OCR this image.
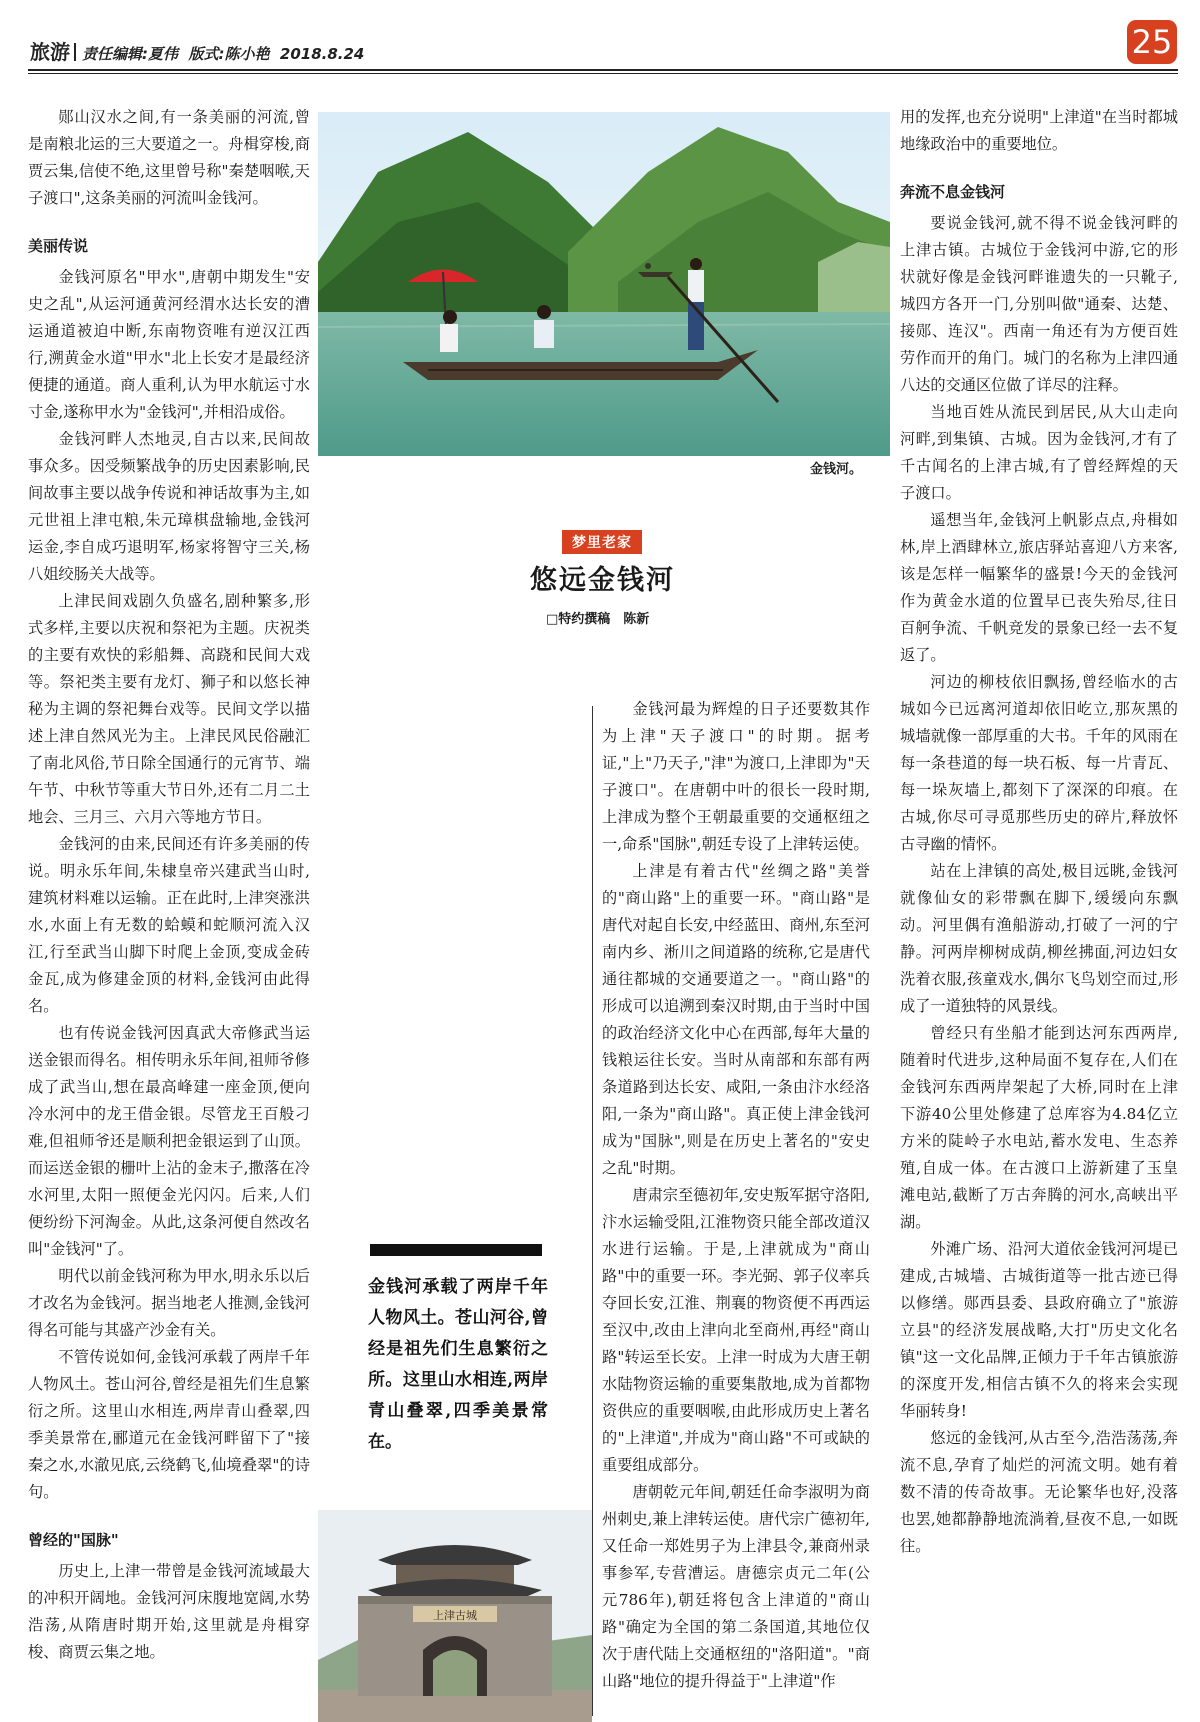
旅游 责任编辑:夏伟 版式:陈小艳 2018.8.24	25

郧山汉水之间,有一条美丽的河流,曾是南粮北运的三大要道之一。舟楫穿梭,商贾云集,信使不绝,这里曾号称"秦楚咽喉,天子渡口",这条美丽的河流叫金钱河。

美丽传说

金钱河原名"甲水",唐朝中期发生"安史之乱",从运河通黄河经渭水达长安的漕运通道被迫中断,东南物资唯有逆汉江西行,溯黄金水道"甲水"北上长安才是最经济便捷的通道。商人重利,认为甲水航运寸水寸金,遂称甲水为"金钱河",并相沿成俗。

金钱河畔人杰地灵,自古以来,民间故事众多。因受频繁战争的历史因素影响,民间故事主要以战争传说和神话故事为主,如元世祖上津屯粮,朱元璋棋盘输地,金钱河运金,李自成巧退明军,杨家将智守三关,杨八姐绞肠关大战等。

上津民间戏剧久负盛名,剧种繁多,形式多样,主要以庆祝和祭祀为主题。庆祝类的主要有欢快的彩船舞、高跷和民间大戏等。祭祀类主要有龙灯、狮子和以悠长神秘为主调的祭祀舞台戏等。民间文学以描述上津自然风光为主。上津民风民俗融汇了南北风俗,节日除全国通行的元宵节、端午节、中秋节等重大节日外,还有二月二土地会、三月三、六月六等地方节日。

金钱河的由来,民间还有许多美丽的传说。明永乐年间,朱棣皇帝兴建武当山时,建筑材料难以运输。正在此时,上津突涨洪水,水面上有无数的蛤蟆和蛇顺河流入汉江,行至武当山脚下时爬上金顶,变成金砖金瓦,成为修建金顶的材料,金钱河由此得名。

也有传说金钱河因真武大帝修武当运送金银而得名。相传明永乐年间,祖师爷修成了武当山,想在最高峰建一座金顶,便向冷水河中的龙王借金银。尽管龙王百般刁难,但祖师爷还是顺利把金银运到了山顶。而运送金银的栅叶上沾的金末子,撒落在冷水河里,太阳一照便金光闪闪。后来,人们便纷纷下河淘金。从此,这条河便自然改名叫"金钱河"了。

明代以前金钱河称为甲水,明永乐以后才改名为金钱河。据当地老人推测,金钱河得名可能与其盛产沙金有关。

不管传说如何,金钱河承载了两岸千年人物风土。苍山河谷,曾经是祖先们生息繁衍之所。这里山水相连,两岸青山叠翠,四季美景常在,郦道元在金钱河畔留下了"接秦之水,水澈见底,云绕鹤飞,仙境叠翠"的诗句。

曾经的"国脉"

历史上,上津一带曾是金钱河流域最大的冲积开阔地。金钱河河床腹地宽阔,水势浩荡,从隋唐时期开始,这里就是舟楫穿梭、商贾云集之地。

金钱河。
梦里老家
悠远金钱河
□特约撰稿　陈新

金钱河最为辉煌的日子还要数其作为上津"天子渡口"的时期。据考证,"上"乃天子,"津"为渡口,上津即为"天子渡口"。在唐朝中叶的很长一段时期,上津成为整个王朝最重要的交通枢纽之一,命系"国脉",朝廷专设了上津转运使。

上津是有着古代"丝绸之路"美誉的"商山路"上的重要一环。"商山路"是唐代对起自长安,中经蓝田、商州,东至河南内乡、淅川之间道路的统称,它是唐代通往都城的交通要道之一。"商山路"的形成可以追溯到秦汉时期,由于当时中国的政治经济文化中心在西部,每年大量的钱粮运往长安。当时从南部和东部有两条道路到达长安、咸阳,一条由汴水经洛阳,一条为"商山路"。真正使上津金钱河成为"国脉",则是在历史上著名的"安史之乱"时期。

唐肃宗至德初年,安史叛军据守洛阳,汴水运输受阻,江淮物资只能全部改道汉水进行运输。于是,上津就成为"商山路"中的重要一环。李光弼、郭子仪率兵夺回长安,江淮、荆襄的物资便不再西运至汉中,改由上津向北至商州,再经"商山路"转运至长安。上津一时成为大唐王朝水陆物资运输的重要集散地,成为首都物资供应的重要咽喉,由此形成历史上著名的"上津道",并成为"商山路"不可或缺的重要组成部分。

唐朝乾元年间,朝廷任命李淑明为商州刺史,兼上津转运使。唐代宗广德初年,又任命一郑姓男子为上津县令,兼商州录事参军,专营漕运。唐德宗贞元二年(公元786年),朝廷将包含上津道的"商山路"确定为全国的第二条国道,其地位仅次于唐代陆上交通枢纽的"洛阳道"。"商山路"地位的提升得益于"上津道"作

金钱河承载了两岸千年人物风土。苍山河谷,曾经是祖先们生息繁衍之所。这里山水相连,两岸青山叠翠,四季美景常在。
上津古城

用的发挥,也充分说明"上津道"在当时都城地缘政治中的重要地位。

奔流不息金钱河

要说金钱河,就不得不说金钱河畔的上津古镇。古城位于金钱河中游,它的形状就好像是金钱河畔谁遗失的一只靴子,城四方各开一门,分别叫做"通秦、达楚、接郧、连汉"。西南一角还有为方便百姓劳作而开的角门。城门的名称为上津四通八达的交通区位做了详尽的注释。

当地百姓从流民到居民,从大山走向河畔,到集镇、古城。因为金钱河,才有了千古闻名的上津古城,有了曾经辉煌的天子渡口。

遥想当年,金钱河上帆影点点,舟楫如林,岸上酒肆林立,旅店驿站喜迎八方来客,该是怎样一幅繁华的盛景!今天的金钱河作为黄金水道的位置早已丧失殆尽,往日百舸争流、千帆竞发的景象已经一去不复返了。

河边的柳枝依旧飘扬,曾经临水的古城如今已远离河道却依旧屹立,那灰黑的城墙就像一部厚重的大书。千年的风雨在每一条巷道的每一块石板、每一片青瓦、每一垛灰墙上,都刻下了深深的印痕。在古城,你尽可寻觅那些历史的碎片,释放怀古寻幽的情怀。

站在上津镇的高处,极目远眺,金钱河就像仙女的彩带飘在脚下,缓缓向东飘动。河里偶有渔船游动,打破了一河的宁静。河两岸柳树成荫,柳丝拂面,河边妇女洗着衣服,孩童戏水,偶尔飞鸟划空而过,形成了一道独特的风景线。

曾经只有坐船才能到达河东西两岸,随着时代进步,这种局面不复存在,人们在金钱河东西两岸架起了大桥,同时在上津下游40公里处修建了总库容为4.84亿立方米的陡岭子水电站,蓄水发电、生态养殖,自成一体。在古渡口上游新建了玉皇滩电站,截断了万古奔腾的河水,高峡出平湖。

外滩广场、沿河大道依金钱河河堤已建成,古城墙、古城街道等一批古迹已得以修缮。郧西县委、县政府确立了"旅游立县"的经济发展战略,大打"历史文化名镇"这一文化品牌,正倾力于千年古镇旅游的深度开发,相信古镇不久的将来会实现华丽转身!

悠远的金钱河,从古至今,浩浩荡荡,奔流不息,孕育了灿烂的河流文明。她有着数不清的传奇故事。无论繁华也好,没落也罢,她都静静地流淌着,昼夜不息,一如既往。
